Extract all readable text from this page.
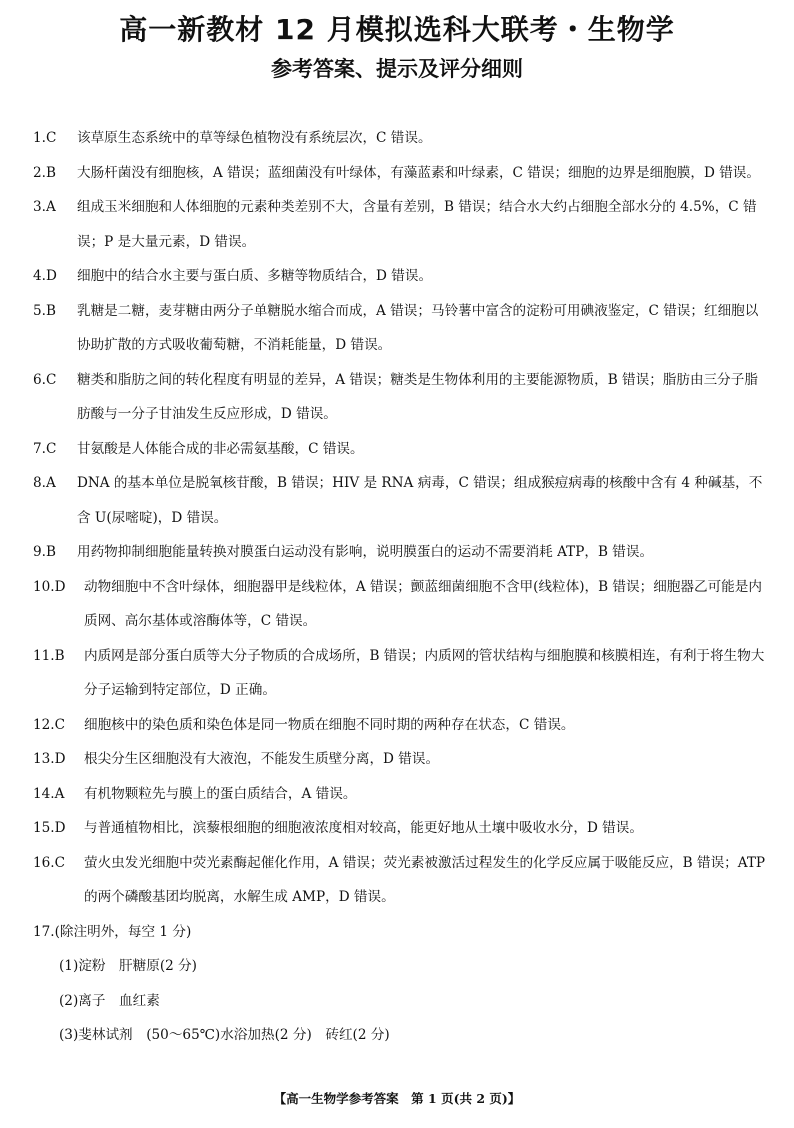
高一新教材 12 月模拟选科大联考・生物学
参考答案、提示及评分细则
1.C	该草原生态系统中的草等绿色植物没有系统层次，C 错误。
2.B	大肠杆菌没有细胞核，A 错误；蓝细菌没有叶绿体，有藻蓝素和叶绿素，C 错误；细胞的边界是细胞膜，D 错误。
3.A	组成玉米细胞和人体细胞的元素种类差别不大，含量有差别，B 错误；结合水大约占细胞全部水分的 4.5%，C 错误；P 是大量元素，D 错误。
4.D	细胞中的结合水主要与蛋白质、多糖等物质结合，D 错误。
5.B	乳糖是二糖，麦芽糖由两分子单糖脱水缩合而成，A 错误；马铃薯中富含的淀粉可用碘液鉴定，C 错误；红细胞以协助扩散的方式吸收葡萄糖，不消耗能量，D 错误。
6.C	糖类和脂肪之间的转化程度有明显的差异，A 错误；糖类是生物体利用的主要能源物质，B 错误；脂肪由三分子脂肪酸与一分子甘油发生反应形成，D 错误。
7.C	甘氨酸是人体能合成的非必需氨基酸，C 错误。
8.A	DNA 的基本单位是脱氧核苷酸，B 错误；HIV 是 RNA 病毒，C 错误；组成猴痘病毒的核酸中含有 4 种碱基，不含 U(尿嘧啶)，D 错误。
9.B	用药物抑制细胞能量转换对膜蛋白运动没有影响，说明膜蛋白的运动不需要消耗 ATP，B 错误。
10.D	动物细胞中不含叶绿体，细胞器甲是线粒体，A 错误；颤蓝细菌细胞不含甲(线粒体)，B 错误；细胞器乙可能是内质网、高尔基体或溶酶体等，C 错误。
11.B	内质网是部分蛋白质等大分子物质的合成场所，B 错误；内质网的管状结构与细胞膜和核膜相连，有利于将生物大分子运输到特定部位，D 正确。
12.C	细胞核中的染色质和染色体是同一物质在细胞不同时期的两种存在状态，C 错误。
13.D	根尖分生区细胞没有大液泡，不能发生质壁分离，D 错误。
14.A	有机物颗粒先与膜上的蛋白质结合，A 错误。
15.D	与普通植物相比，滨藜根细胞的细胞液浓度相对较高，能更好地从土壤中吸收水分，D 错误。
16.C	萤火虫发光细胞中荧光素酶起催化作用，A 错误；荧光素被激活过程发生的化学反应属于吸能反应，B 错误；ATP 的两个磷酸基团均脱离，水解生成 AMP，D 错误。
17.(除注明外，每空 1 分)
(1)淀粉　肝糖原(2 分)
(2)离子　血红素
(3)斐林试剂　(50～65℃)水浴加热(2 分)　砖红(2 分)
【高一生物学参考答案　第 1 页(共 2 页)】
